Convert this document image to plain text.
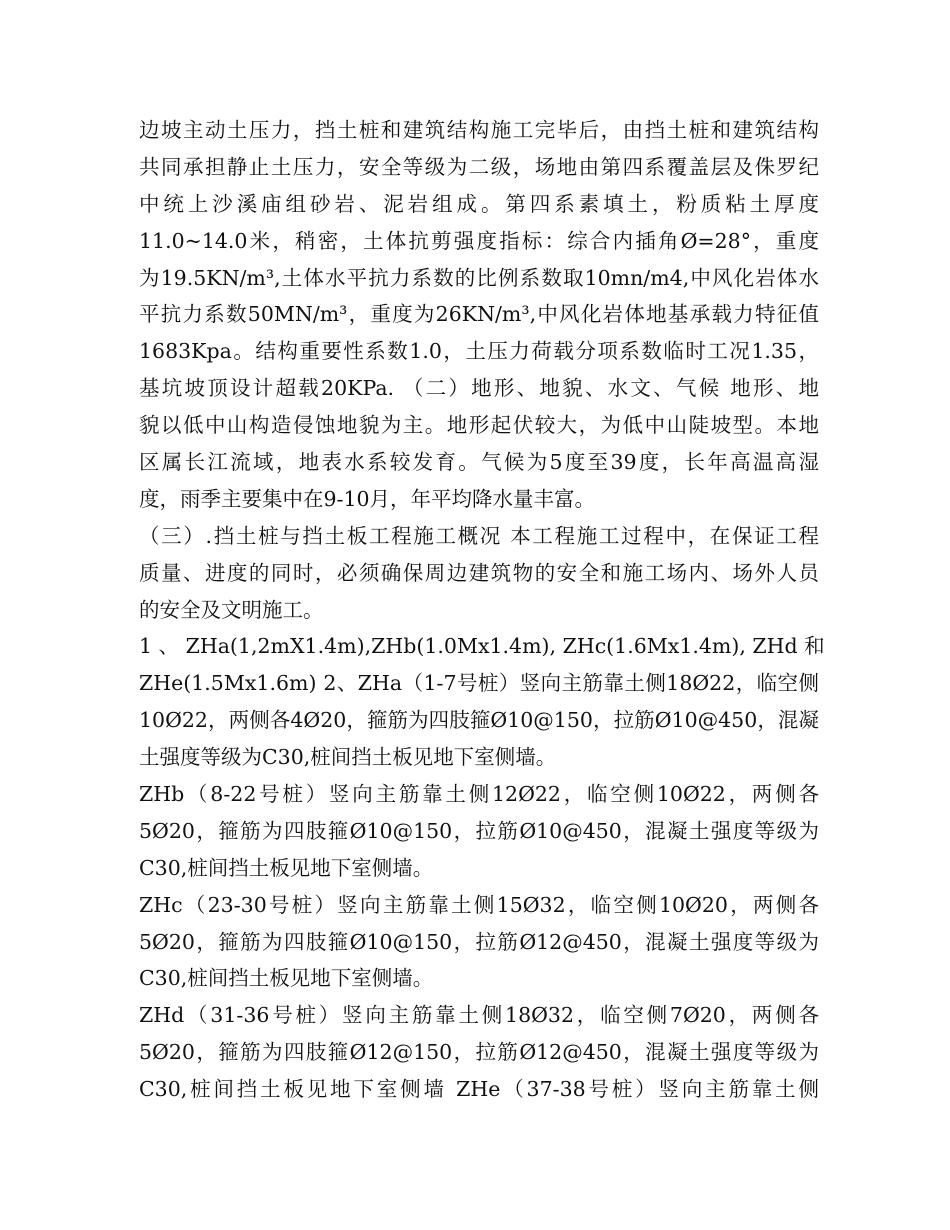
边坡主动土压力，挡土桩和建筑结构施工完毕后，由挡土桩和建筑结构
共同承担静止土压力，安全等级为二级，场地由第四系覆盖层及侏罗纪
中统上沙溪庙组砂岩、泥岩组成。第四系素填土，粉质粘土厚度
11.0~14.0米，稍密，土体抗剪强度指标：综合内插角Ø=28°，重度
为19.5KN/m³,土体水平抗力系数的比例系数取10mn/m4,中风化岩体水
平抗力系数50MN/m³，重度为26KN/m³,中风化岩体地基承载力特征值
1683Kpa。结构重要性系数1.0，土压力荷载分项系数临时工况1.35，
基坑坡顶设计超载20KPa. （二）地形、地貌、水文、气候 地形、地
貌以低中山构造侵蚀地貌为主。地形起伏较大，为低中山陡坡型。本地
区属长江流域，地表水系较发育。气候为5度至39度，长年高温高湿
度，雨季主要集中在9-10月，年平均降水量丰富。
（三）.挡土桩与挡土板工程施工概况 本工程施工过程中，在保证工程
质量、进度的同时，必须确保周边建筑物的安全和施工场内、场外人员
的安全及文明施工。
1 、 ZHa(1,2mX1.4m),ZHb(1.0Mx1.4m), ZHc(1.6Mx1.4m), ZHd 和
ZHe(1.5Mx1.6m) 2、ZHa（1-7号桩）竖向主筋靠土侧18Ø22，临空侧
10Ø22，两侧各4Ø20，箍筋为四肢箍Ø10@150，拉筋Ø10@450，混凝
土强度等级为C30,桩间挡土板见地下室侧墙。
ZHb（8-22号桩）竖向主筋靠土侧12Ø22，临空侧10Ø22，两侧各
5Ø20，箍筋为四肢箍Ø10@150，拉筋Ø10@450，混凝土强度等级为
C30,桩间挡土板见地下室侧墙。
ZHc（23-30号桩）竖向主筋靠土侧15Ø32，临空侧10Ø20，两侧各
5Ø20，箍筋为四肢箍Ø10@150，拉筋Ø12@450，混凝土强度等级为
C30,桩间挡土板见地下室侧墙。
ZHd（31-36号桩）竖向主筋靠土侧18Ø32，临空侧7Ø20，两侧各
5Ø20，箍筋为四肢箍Ø12@150，拉筋Ø12@450，混凝土强度等级为
C30,桩间挡土板见地下室侧墙 ZHe（37-38号桩）竖向主筋靠土侧
